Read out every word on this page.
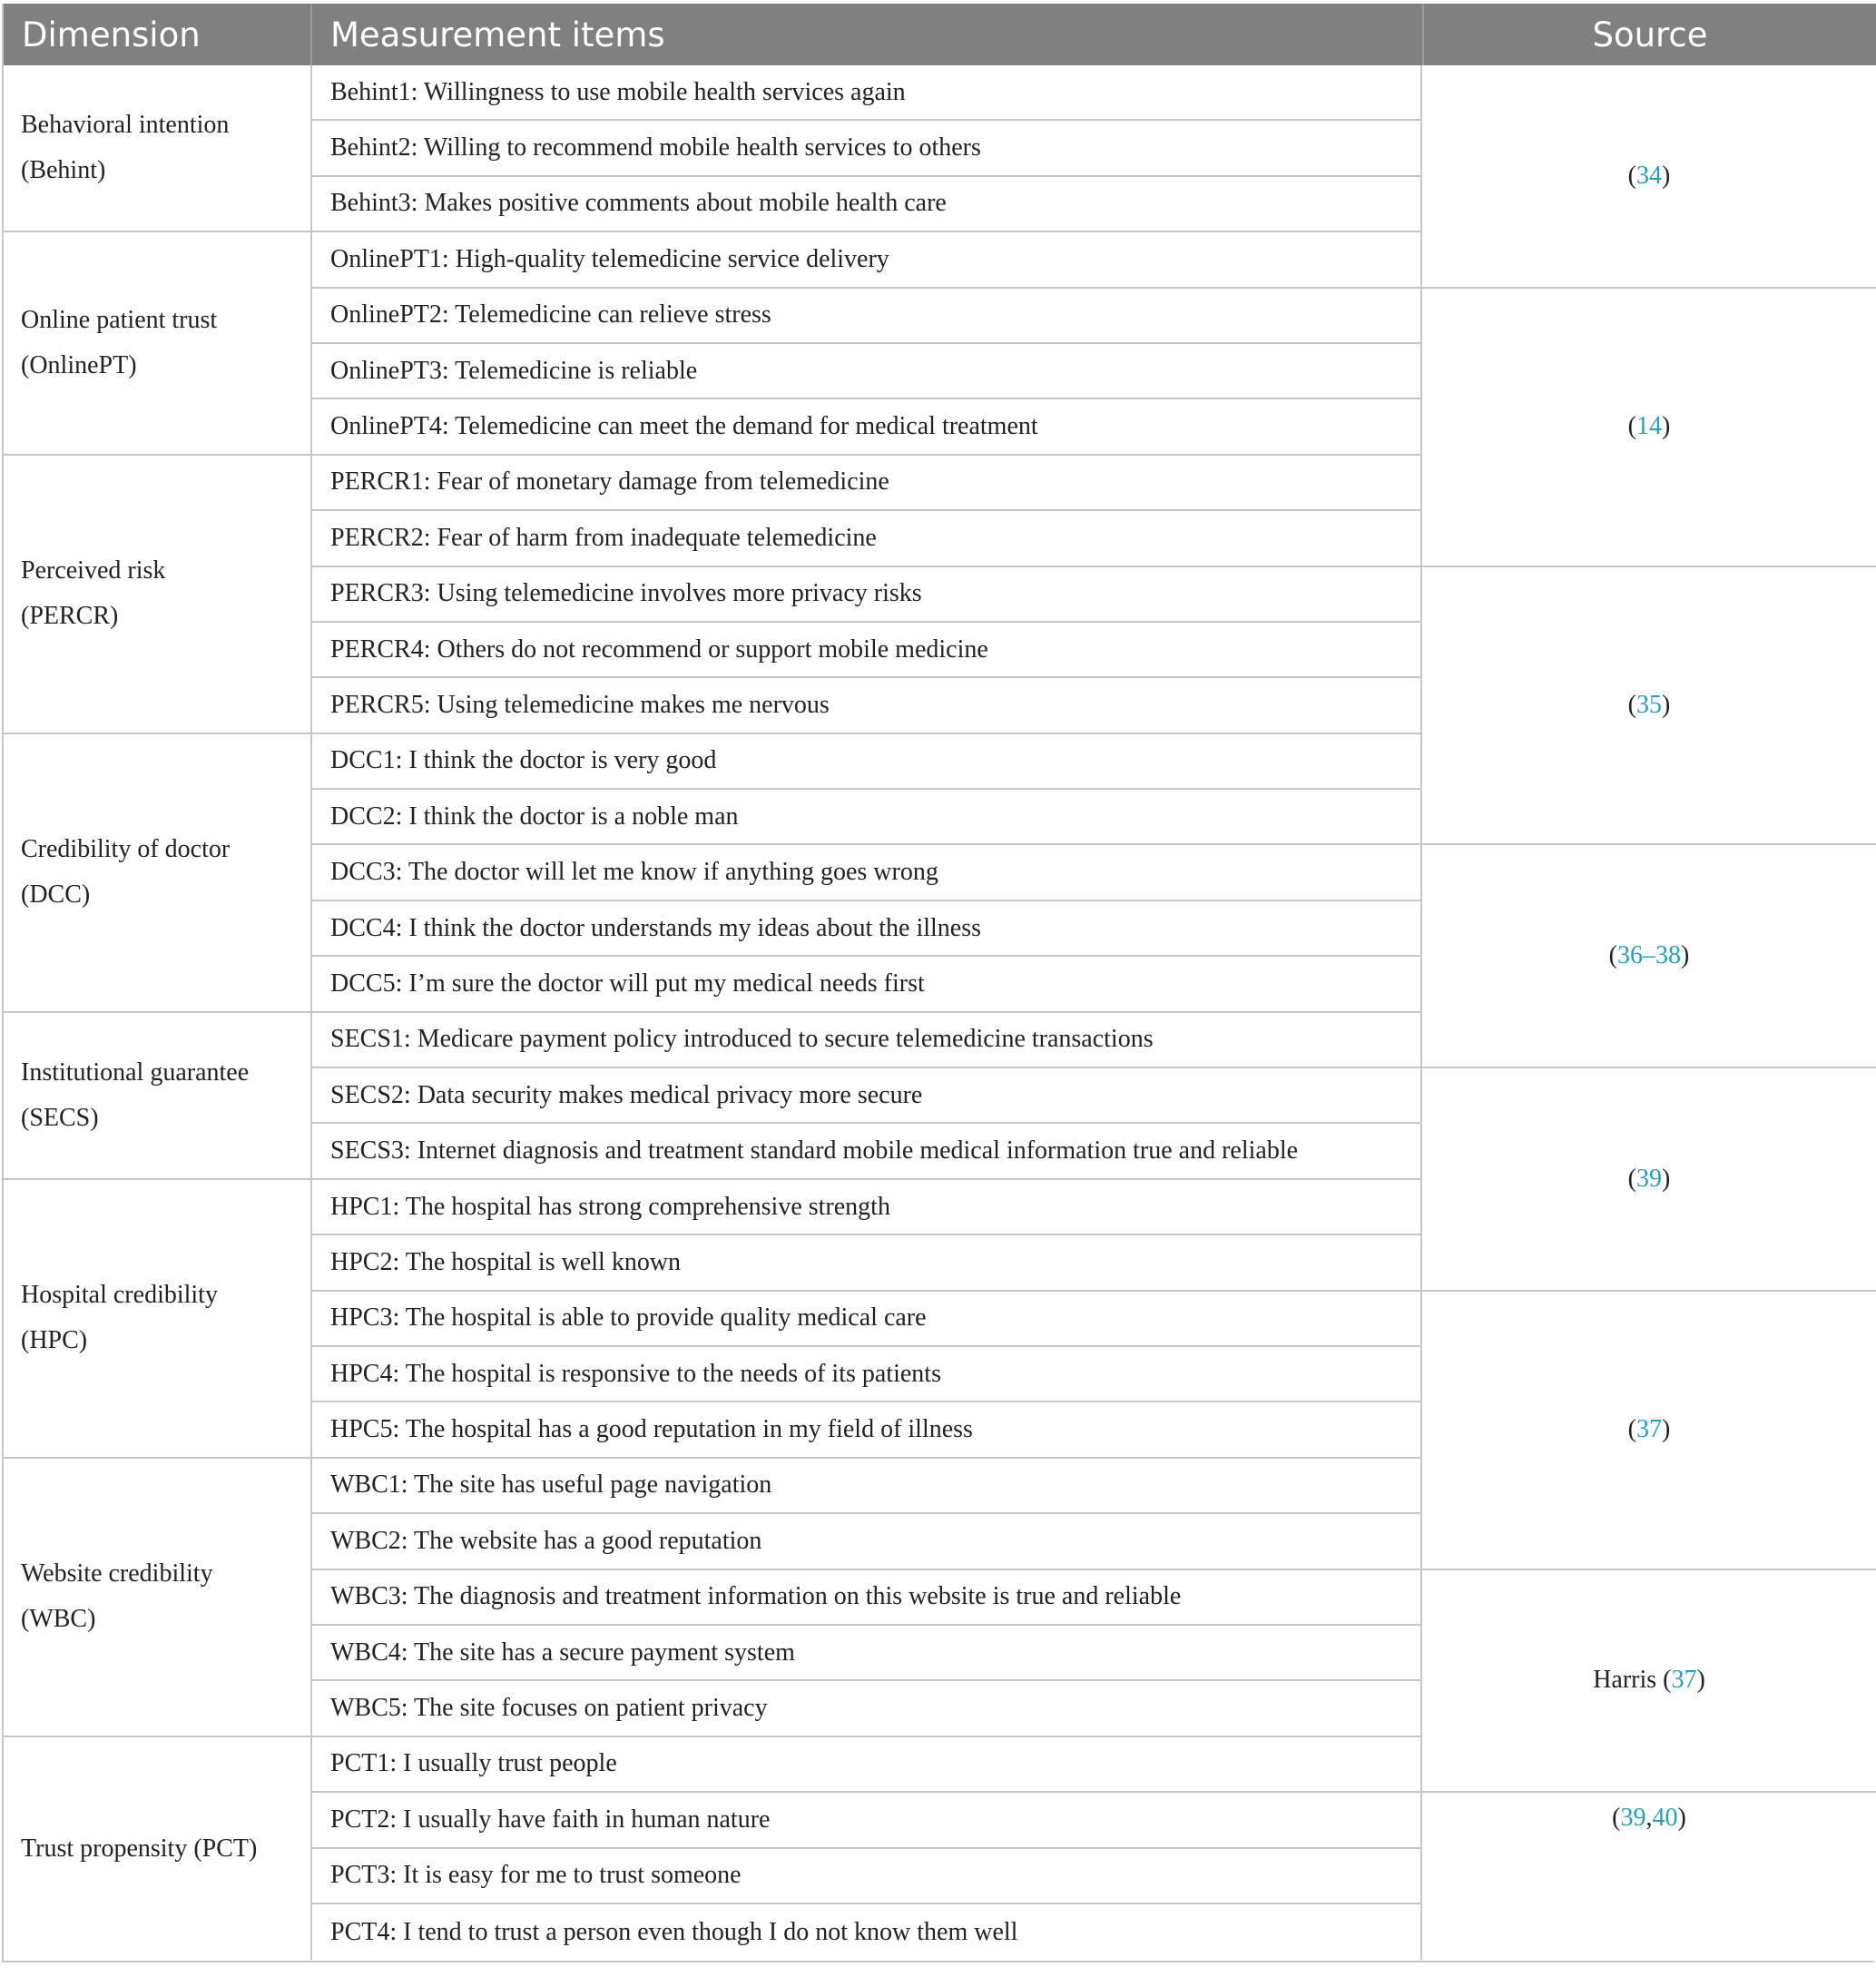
Dimension	Measurement items	Source
Behavioral intention
(Behint)
Online patient trust
(OnlinePT)
Perceived risk
(PERCR)
Credibility of doctor
(DCC)
Institutional guarantee
(SECS)
Hospital credibility
(HPC)
Website credibility
(WBC)
Trust propensity (PCT)
Behint1: Willingness to use mobile health services again
Behint2: Willing to recommend mobile health services to others
Behint3: Makes positive comments about mobile health care
OnlinePT1: High-quality telemedicine service delivery
OnlinePT2: Telemedicine can relieve stress
OnlinePT3: Telemedicine is reliable
OnlinePT4: Telemedicine can meet the demand for medical treatment
PERCR1: Fear of monetary damage from telemedicine
PERCR2: Fear of harm from inadequate telemedicine
PERCR3: Using telemedicine involves more privacy risks
PERCR4: Others do not recommend or support mobile medicine
PERCR5: Using telemedicine makes me nervous
DCC1: I think the doctor is very good
DCC2: I think the doctor is a noble man
DCC3: The doctor will let me know if anything goes wrong
DCC4: I think the doctor understands my ideas about the illness
DCC5: I’m sure the doctor will put my medical needs first
SECS1: Medicare payment policy introduced to secure telemedicine transactions
SECS2: Data security makes medical privacy more secure
SECS3: Internet diagnosis and treatment standard mobile medical information true and reliable
HPC1: The hospital has strong comprehensive strength
HPC2: The hospital is well known
HPC3: The hospital is able to provide quality medical care
HPC4: The hospital is responsive to the needs of its patients
HPC5: The hospital has a good reputation in my field of illness
WBC1: The site has useful page navigation
WBC2: The website has a good reputation
WBC3: The diagnosis and treatment information on this website is true and reliable
WBC4: The site has a secure payment system
WBC5: The site focuses on patient privacy
PCT1: I usually trust people
PCT2: I usually have faith in human nature
PCT3: It is easy for me to trust someone
PCT4: I tend to trust a person even though I do not know them well
( 34 )
( 14 )
( 35 )
( 36–38 )
( 39 )
( 37 )
Harris ( 37 )
( 39 , 40 )
